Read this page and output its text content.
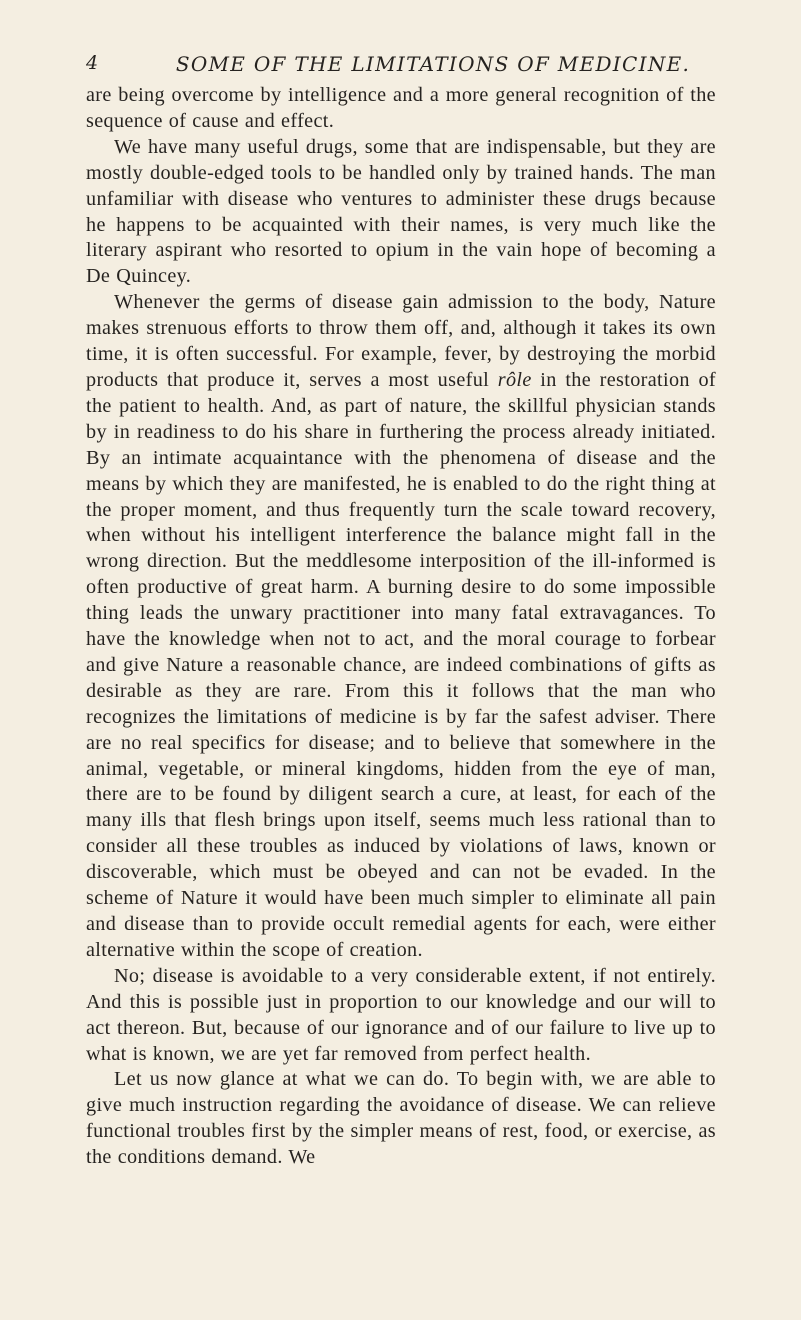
4	SOME OF THE LIMITATIONS OF MEDICINE.

are being overcome by intelligence and a more general recognition of the sequence of cause and effect.

We have many useful drugs, some that are indispensable, but they are mostly double-edged tools to be handled only by trained hands. The man unfamiliar with disease who ventures to administer these drugs because he happens to be acquainted with their names, is very much like the literary aspirant who resorted to opium in the vain hope of becoming a De Quincey.

Whenever the germs of disease gain admission to the body, Nature makes strenuous efforts to throw them off, and, although it takes its own time, it is often successful. For example, fever, by destroying the morbid products that produce it, serves a most useful rôle in the restoration of the patient to health. And, as part of nature, the skillful physician stands by in readiness to do his share in furthering the process already initiated. By an intimate acquaintance with the phenomena of disease and the means by which they are manifested, he is enabled to do the right thing at the proper moment, and thus frequently turn the scale toward recovery, when without his intelligent interference the balance might fall in the wrong direction. But the meddlesome interposition of the ill-informed is often productive of great harm. A burning desire to do some impossible thing leads the unwary practitioner into many fatal extravagances. To have the knowledge when not to act, and the moral courage to forbear and give Nature a reasonable chance, are indeed combinations of gifts as desirable as they are rare. From this it follows that the man who recognizes the limitations of medicine is by far the safest adviser. There are no real specifics for disease; and to believe that somewhere in the animal, vegetable, or mineral kingdoms, hidden from the eye of man, there are to be found by diligent search a cure, at least, for each of the many ills that flesh brings upon itself, seems much less rational than to consider all these troubles as induced by violations of laws, known or discoverable, which must be obeyed and can not be evaded. In the scheme of Nature it would have been much simpler to eliminate all pain and disease than to provide occult remedial agents for each, were either alternative within the scope of creation.

No; disease is avoidable to a very considerable extent, if not entirely. And this is possible just in proportion to our knowledge and our will to act thereon. But, because of our ignorance and of our failure to live up to what is known, we are yet far removed from perfect health.

Let us now glance at what we can do. To begin with, we are able to give much instruction regarding the avoidance of disease. We can relieve functional troubles first by the simpler means of rest, food, or exercise, as the conditions demand. We
